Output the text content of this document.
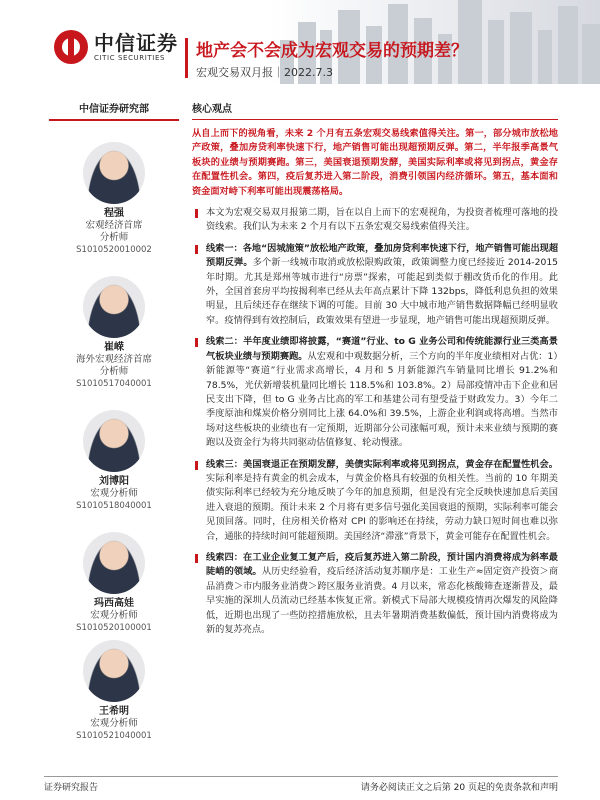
中信证券
CITIC SECURITIES	地产会不会成为宏观交易的预期差？
宏观交易双月报｜2022.7.3
中信证券研究部
程强
宏观经济首席
分析师
S1010520010002
崔嵘
海外宏观经济首席
分析师
S1010517040001
刘博阳
宏观分析师
S1010518040001
玛西高娃
宏观分析师
S1010520100001
王希明
宏观分析师
S1010521040001
核心观点
从自上而下的视角看，未来 2 个月有五条宏观交易线索值得关注。第一，部分城市放松地产政策，叠加房贷利率快速下行，地产销售可能出现超预期反弹。第二，半年报季高景气板块的业绩与预期赛跑。第三，美国衰退预期发酵，美国实际利率或将见到拐点，黄金存在配置性机会。第四，疫后复苏进入第二阶段，消费引领国内经济循环。第五，基本面和资金面对峙下利率可能出现震荡格局。
本文为宏观交易双月报第二期，旨在以自上而下的宏观视角，为投资者梳理可落地的投资线索。我们认为未来 2 个月有以下五条宏观交易线索值得关注。
线索一：各地“因城施策”放松地产政策，叠加房贷利率快速下行，地产销售可能出现超预期反弹。多个新一线城市取消或放松限购政策，政策调整力度已经接近 2014-2015 年时期。尤其是郑州等城市进行“房票”探索，可能起到类似于棚改货币化的作用。此外，全国首套房平均按揭利率已经从去年高点累计下降 132bps，降低利息负担的效果明显，且后续还存在继续下调的可能。目前 30 大中城市地产销售数据降幅已经明显收窄。疫情得到有效控制后，政策效果有望进一步显现，地产销售可能出现超预期反弹。
线索二：半年度业绩即将披露，“赛道”行业、to G 业务公司和传统能源行业三类高景气板块业绩与预期赛跑。从宏观和中观数据分析，三个方向的半年度业绩相对占优：1）新能源等“赛道”行业需求高增长，4 月和 5 月新能源汽车销量同比增长 91.2%和 78.5%，光伏新增装机量同比增长 118.5%和 103.8%。2）局部疫情冲击下企业和居民支出下降，但 to G 业务占比高的军工和基建公司有望受益于财政发力。3）今年二季度原油和煤炭价格分别同比上涨 64.0%和 39.5%，上游企业利润或将高增。当然市场对这些板块的业绩也有一定预期，近期部分公司涨幅可观，预计未来业绩与预期的赛跑以及资金行为将共同驱动估值修复、轮动慢涨。
线索三：美国衰退正在预期发酵，美债实际利率或将见到拐点，黄金存在配置性机会。实际利率是持有黄金的机会成本，与黄金价格具有较强的负相关性。当前的 10 年期美债实际利率已经较为充分地反映了今年的加息预期，但是没有完全反映快速加息后美国进入衰退的预期。预计未来 2 个月将有更多信号强化美国衰退的预期，实际利率可能会见顶回落。同时，住房相关价格对 CPI 的影响还在持续，劳动力缺口短时间也难以弥合，通胀的持续时间可能超预期。美国经济“滞涨”背景下，黄金可能存在配置性机会。
线索四：在工业企业复工复产后，疫后复苏进入第二阶段，预计国内消费将成为斜率最陡峭的领域。从历史经验看，疫后经济活动复苏顺序是：工业生产≈固定资产投资＞商品消费＞市内服务业消费＞跨区服务业消费。4 月以来，常态化核酸筛查逐渐普及，最早实施的深圳人员流动已经基本恢复正常。新模式下局部大规模疫情再次爆发的风险降低，近期也出现了一些防控措施放松，且去年暑期消费基数偏低，预计国内消费将成为新的复苏亮点。
证券研究报告	请务必阅读正文之后第 20 页起的免责条款和声明
